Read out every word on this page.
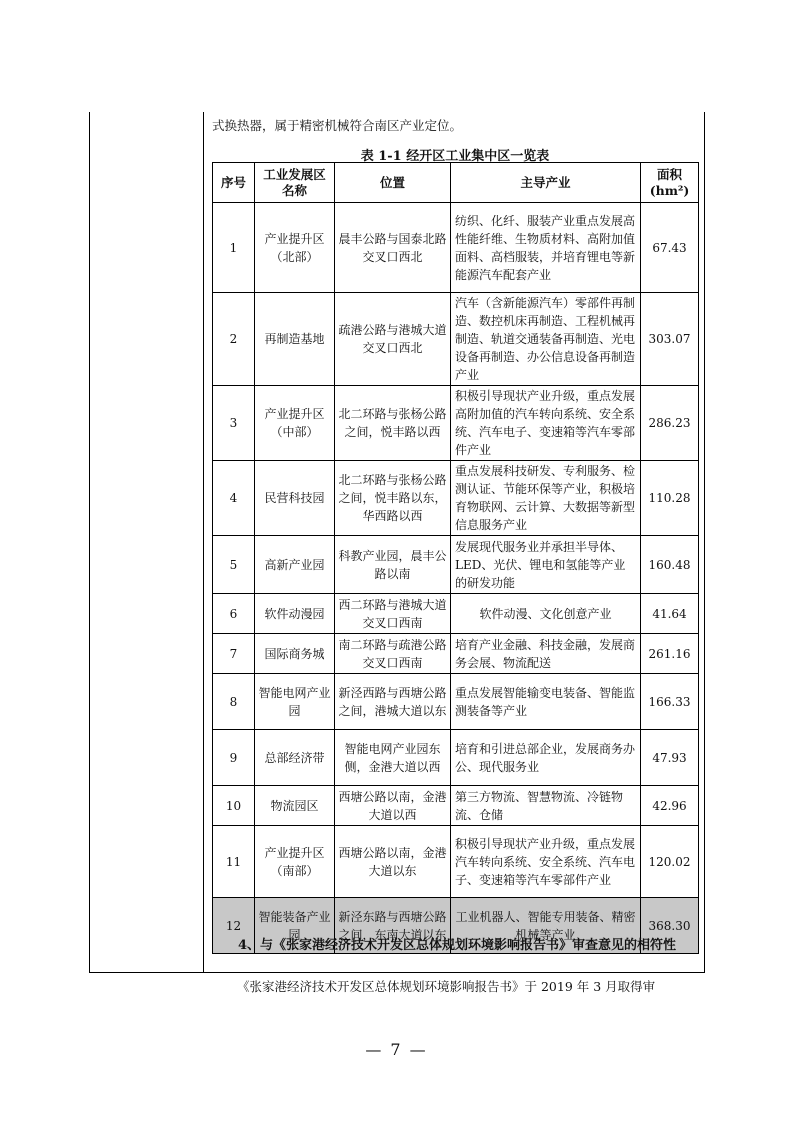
式换热器，属于精密机械符合南区产业定位。
表 1-1 经开区工业集中区一览表
序号	工业发展区名称	位置	主导产业	面积(hm²)
1	产业提升区（北部）	晨丰公路与国泰北路交叉口西北	纺织、化纤、服装产业重点发展高性能纤维、生物质材料、高附加值面料、高档服装，并培育锂电等新能源汽车配套产业	67.43
2	再制造基地	疏港公路与港城大道交叉口西北	汽车（含新能源汽车）零部件再制造、数控机床再制造、工程机械再制造、轨道交通装备再制造、光电设备再制造、办公信息设备再制造产业	303.07
3	产业提升区（中部）	北二环路与张杨公路之间，悦丰路以西	积极引导现状产业升级，重点发展高附加值的汽车转向系统、安全系统、汽车电子、变速箱等汽车零部件产业	286.23
4	民营科技园	北二环路与张杨公路之间，悦丰路以东，华西路以西	重点发展科技研发、专利服务、检测认证、节能环保等产业，积极培育物联网、云计算、大数据等新型信息服务产业	110.28
5	高新产业园	科教产业园，晨丰公路以南	发展现代服务业并承担半导体、LED、光伏、锂电和氢能等产业的研发功能	160.48
6	软件动漫园	西二环路与港城大道交叉口西南	软件动漫、文化创意产业	41.64
7	国际商务城	南二环路与疏港公路交叉口西南	培育产业金融、科技金融，发展商务会展、物流配送	261.16
8	智能电网产业园	新泾西路与西塘公路之间，港城大道以东	重点发展智能输变电装备、智能监测装备等产业	166.33
9	总部经济带	智能电网产业园东侧，金港大道以西	培育和引进总部企业，发展商务办公、现代服务业	47.93
10	物流园区	西塘公路以南，金港大道以西	第三方物流、智慧物流、冷链物流、仓储	42.96
11	产业提升区（南部）	西塘公路以南，金港大道以东	积极引导现状产业升级，重点发展汽车转向系统、安全系统、汽车电子、变速箱等汽车零部件产业	120.02
12	智能装备产业园	新泾东路与西塘公路之间，东南大道以东	工业机器人、智能专用装备、精密机械等产业	368.30
4、与《张家港经济技术开发区总体规划环境影响报告书》审查意见的相符性
《张家港经济技术开发区总体规划环境影响报告书》于 2019 年 3 月取得审
— 7 —
